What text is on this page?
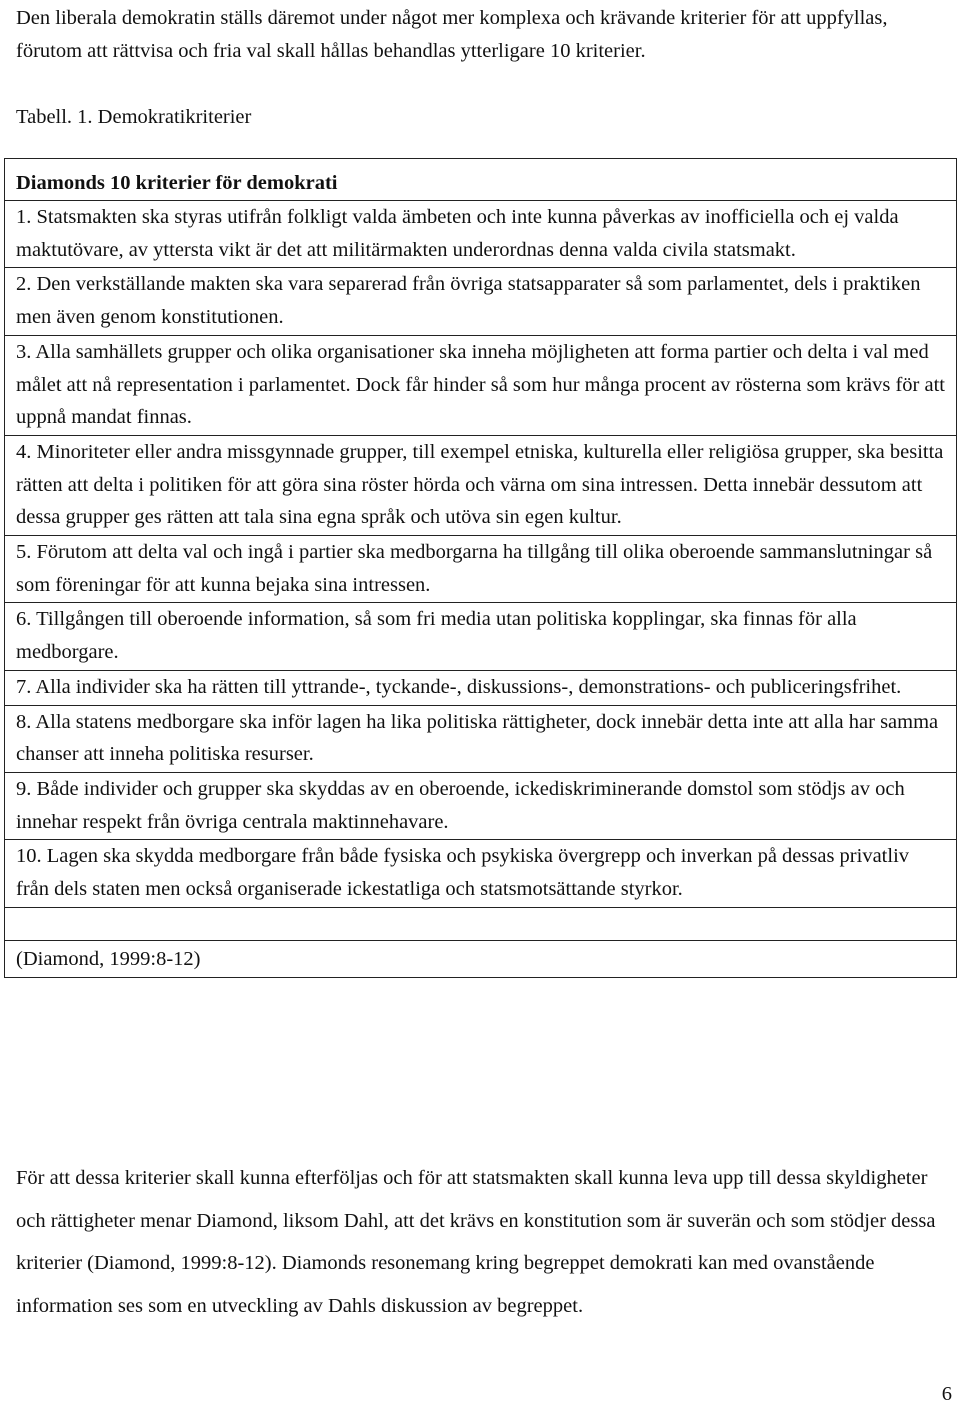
Den liberala demokratin ställs däremot under något mer komplexa och krävande kriterier för att uppfyllas, förutom att rättvisa och fria val skall hållas behandlas ytterligare 10 kriterier.

Tabell. 1. Demokratikriterier

Diamonds 10 kriterier för demokrati
1. Statsmakten ska styras utifrån folkligt valda ämbeten och inte kunna påverkas av inofficiella och ej valda maktutövare, av yttersta vikt är det att militärmakten underordnas denna valda civila statsmakt.
2. Den verkställande makten ska vara separerad från övriga statsapparater så som parlamentet, dels i praktiken men även genom konstitutionen.
3. Alla samhällets grupper och olika organisationer ska inneha möjligheten att forma partier och delta i val med målet att nå representation i parlamentet. Dock får hinder så som hur många procent av rösterna som krävs för att uppnå mandat finnas.
4. Minoriteter eller andra missgynnade grupper, till exempel etniska, kulturella eller religiösa grupper, ska besitta rätten att delta i politiken för att göra sina röster hörda och värna om sina intressen. Detta innebär dessutom att dessa grupper ges rätten att tala sina egna språk och utöva sin egen kultur.
5. Förutom att delta val och ingå i partier ska medborgarna ha tillgång till olika oberoende sammanslutningar så som föreningar för att kunna bejaka sina intressen.
6. Tillgången till oberoende information, så som fri media utan politiska kopplingar, ska finnas för alla medborgare.
7. Alla individer ska ha rätten till yttrande-, tyckande-, diskussions-, demonstrations- och publiceringsfrihet.
8. Alla statens medborgare ska inför lagen ha lika politiska rättigheter, dock innebär detta inte att alla har samma chanser att inneha politiska resurser.
9. Både individer och grupper ska skyddas av en oberoende, ickediskriminerande domstol som stödjs av och innehar respekt från övriga centrala maktinnehavare.
10. Lagen ska skydda medborgare från både fysiska och psykiska övergrepp och inverkan på dessas privatliv från dels staten men också organiserade ickestatliga och statsmotsättande styrkor.

(Diamond, 1999:8-12)

För att dessa kriterier skall kunna efterföljas och för att statsmakten skall kunna leva upp till dessa skyldigheter och rättigheter menar Diamond, liksom Dahl, att det krävs en konstitution som är suverän och som stödjer dessa kriterier (Diamond, 1999:8-12). Diamonds resonemang kring begreppet demokrati kan med ovanstående information ses som en utveckling av Dahls diskussion av begreppet.

6
